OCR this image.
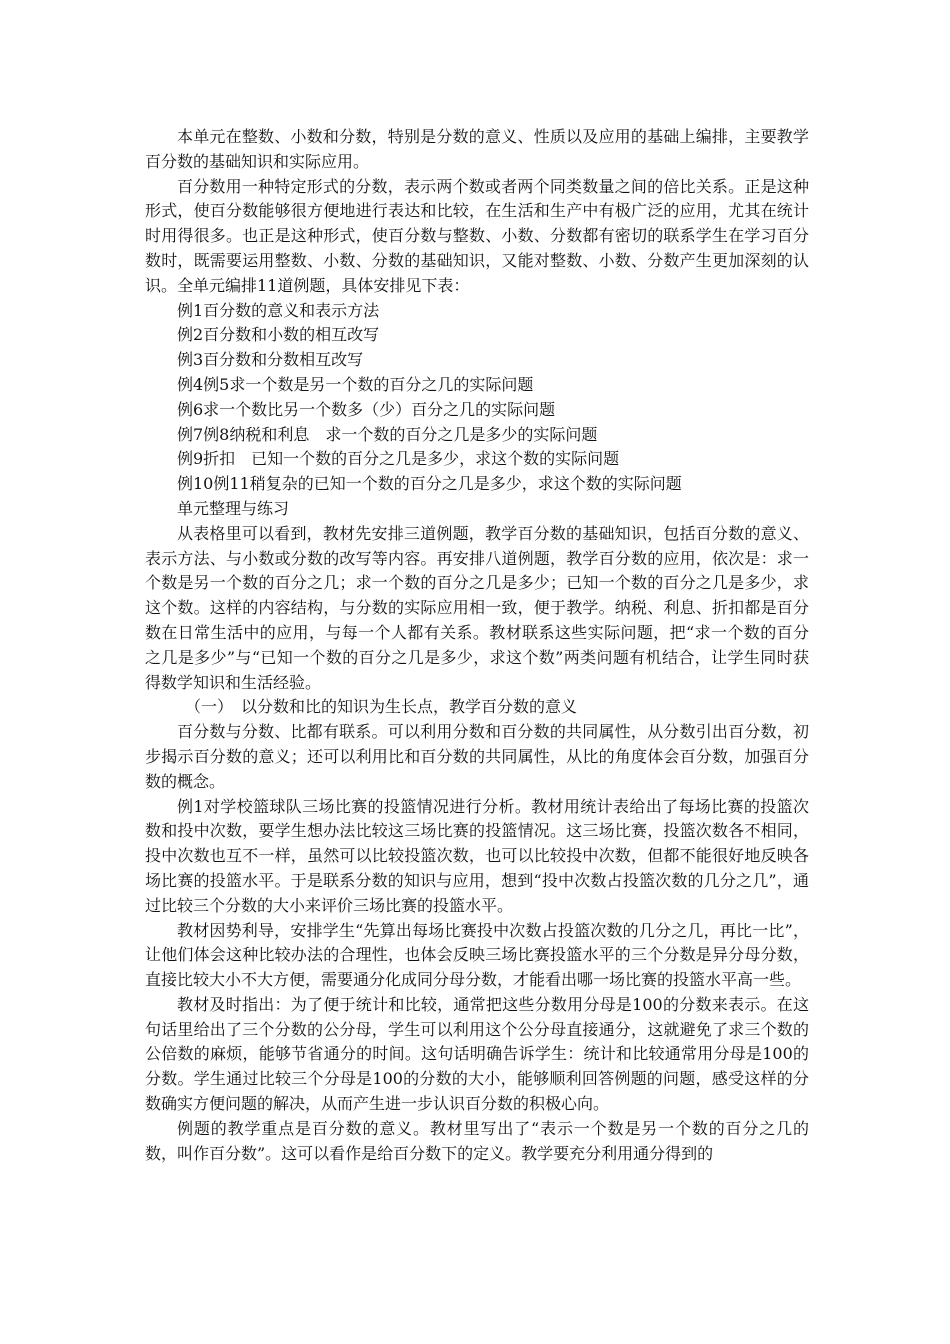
本单元在整数、小数和分数，特别是分数的意义、性质以及应用的基础上编排，主要教学百分数的基础知识和实际应用。

百分数用一种特定形式的分数，表示两个数或者两个同类数量之间的倍比关系。正是这种形式，使百分数能够很方便地进行表达和比较，在生活和生产中有极广泛的应用，尤其在统计时用得很多。也正是这种形式，使百分数与整数、小数、分数都有密切的联系学生在学习百分数时，既需要运用整数、小数、分数的基础知识，又能对整数、小数、分数产生更加深刻的认识。全单元编排11道例题，具体安排见下表：

例1百分数的意义和表示方法

例2百分数和小数的相互改写

例3百分数和分数相互改写

例4例5求一个数是另一个数的百分之几的实际问题

例6求一个数比另一个数多（少）百分之几的实际问题

例7例8纳税和利息　求一个数的百分之几是多少的实际问题

例9折扣　已知一个数的百分之几是多少，求这个数的实际问题

例10例11稍复杂的已知一个数的百分之几是多少，求这个数的实际问题

单元整理与练习

从表格里可以看到，教材先安排三道例题，教学百分数的基础知识，包括百分数的意义、表示方法、与小数或分数的改写等内容。再安排八道例题，教学百分数的应用，依次是：求一个数是另一个数的百分之几；求一个数的百分之几是多少；已知一个数的百分之几是多少，求这个数。这样的内容结构，与分数的实际应用相一致，便于教学。纳税、利息、折扣都是百分数在日常生活中的应用，与每一个人都有关系。教材联系这些实际问题，把“求一个数的百分之几是多少”与“已知一个数的百分之几是多少，求这个数”两类问题有机结合，让学生同时获得数学知识和生活经验。

（一）　以分数和比的知识为生长点，教学百分数的意义

百分数与分数、比都有联系。可以利用分数和百分数的共同属性，从分数引出百分数，初步揭示百分数的意义；还可以利用比和百分数的共同属性，从比的角度体会百分数，加强百分数的概念。

例1对学校篮球队三场比赛的投篮情况进行分析。教材用统计表给出了每场比赛的投篮次数和投中次数，要学生想办法比较这三场比赛的投篮情况。这三场比赛，投篮次数各不相同，投中次数也互不一样，虽然可以比较投篮次数，也可以比较投中次数，但都不能很好地反映各场比赛的投篮水平。于是联系分数的知识与应用，想到“投中次数占投篮次数的几分之几”，通过比较三个分数的大小来评价三场比赛的投篮水平。

教材因势利导，安排学生“先算出每场比赛投中次数占投篮次数的几分之几，再比一比”，让他们体会这种比较办法的合理性，也体会反映三场比赛投篮水平的三个分数是异分母分数，直接比较大小不大方便，需要通分化成同分母分数，才能看出哪一场比赛的投篮水平高一些。

教材及时指出：为了便于统计和比较，通常把这些分数用分母是100的分数来表示。在这句话里给出了三个分数的公分母，学生可以利用这个公分母直接通分，这就避免了求三个数的公倍数的麻烦，能够节省通分的时间。这句话明确告诉学生：统计和比较通常用分母是100的分数。学生通过比较三个分母是100的分数的大小，能够顺利回答例题的问题，感受这样的分数确实方便问题的解决，从而产生进一步认识百分数的积极心向。

例题的教学重点是百分数的意义。教材里写出了“表示一个数是另一个数的百分之几的数，叫作百分数”。这可以看作是给百分数下的定义。教学要充分利用通分得到的
